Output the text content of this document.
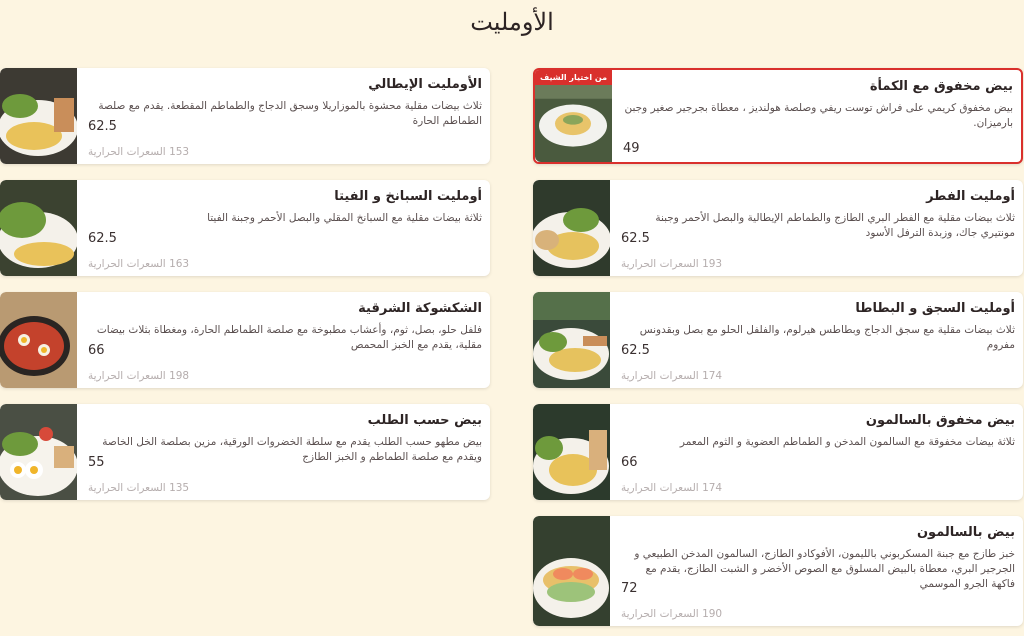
الأومليت
من اختيار الشيف
بيض مخفوق مع الكمأة
بيض مخفوق كريمي على فراش توست ريفي وصلصة هولنديز ، معطاة بجرجير صغير وجبن بارميزان.
49
الأومليت الإيطالي
ثلاث بيضات مقلية محشوة بالموزاريلا وسجق الدجاج والطماطم المقطعة. يقدم مع صلصة الطماطم الحارة
62.5
153 السعرات الحرارية
أومليت الفطر
ثلاث بيضات مقلية مع الفطر البري الطازج والطماطم الإيطالية والبصل الأحمر وجبنة مونتيري جاك، وزبدة الترفل الأسود
62.5
193 السعرات الحرارية
أومليت السبانخ و الفيتا
ثلاثة بيضات مقلية مع السبانخ المقلي والبصل الأحمر وجبنة الفيتا
62.5
163 السعرات الحرارية
أومليت السجق و البطاطا
ثلاث بيضات مقلية مع سجق الدجاج وبطاطس هيرلوم، والفلفل الحلو مع بصل وبقدونس مفروم
62.5
174 السعرات الحرارية
الشكشوكة الشرقية
فلفل حلو، بصل، ثوم، وأعشاب مطبوخة مع صلصة الطماطم الحارة، ومغطاة بثلاث بيضات مقلية، يقدم مع الخبز المحمص
66
198 السعرات الحرارية
بيض مخفوق بالسالمون
ثلاثة بيضات مخفوقة مع السالمون المدخن و الطماطم العضوية و الثوم المعمر
66
174 السعرات الحرارية
بيض حسب الطلب
بيض مطهو حسب الطلب يقدم مع سلطة الخضروات الورقية، مزين بصلصة الخل الخاصة ويقدم مع صلصة الطماطم و الخبز الطازج
55
135 السعرات الحرارية
بيض بالسالمون
خبز طازج مع جبنة المسكربوني بالليمون، الأفوكادو الطازج، السالمون المدخن الطبيعي و الجرجير البري، معطاة بالبيض المسلوق مع الصوص الأخضر و الشبت الطازج، يقدم مع فاكهة الجرو الموسمي
72
190 السعرات الحرارية
